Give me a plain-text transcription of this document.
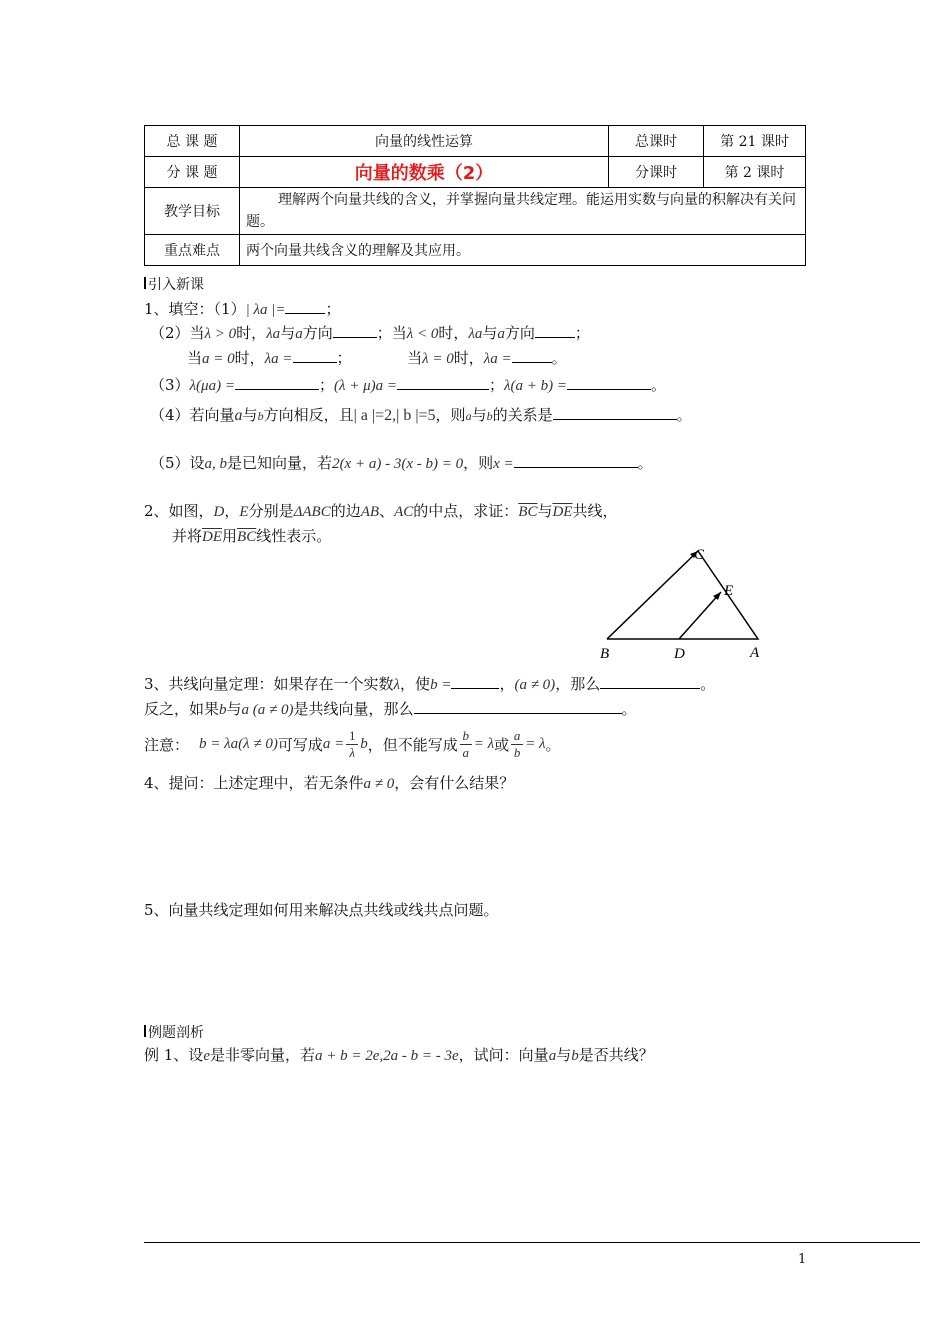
总 课 题	向量的线性运算	总课时	第 21 课时
分 课 题	向量的数乘（2）	分课时	第 2 课时
教学目标	理解两个向量共线的含义，并掌握向量共线定理。能运用实数与向量的积解决有关问题。		
重点难点	两个向量共线含义的理解及其应用。		
引入新课
1、填空：（1）| λa |=	；
（2）当λ > 0时，λa与a方向	；当λ < 0时，λa与a方向	；
当a = 0时，λa =	；	当λ = 0时，λa =	。
（3）λ(μa) =	；(λ + μ)a =	；λ(a + b) =	。
（4）若向量a与b方向相反，且| a |=2,| b |=5，则a与b的关系是	。
（5）设a, b是已知向量，若2(x + a) - 3(x - b) = 0，则x =	。
2、如图，D，E分别是ΔABC的边AB、AC的中点，求证：$\overline{BC}$与$\overline{DE}$共线，
并将$\overline{DE}$用$\overline{BC}$线性表示。
C
E
B	D	A
3、共线向量定理：如果存在一个实数λ，使b =	，(a ≠ 0)，那么	。
反之，如果b与a (a ≠ 0)是共线向量，那么	。
注意： b = λa(λ ≠ 0) 可写成 a =
1
λ
b ，但不能写成
b
a
= λ 或
a
b
= λ 。
4、提问：上述定理中，若无条件a ≠ 0，会有什么结果？
5、向量共线定理如何用来解决点共线或线共点问题。
例题剖析
例 1、设e是非零向量，若a + b = 2e,2a - b = - 3e，试问：向量a与b是否共线？
1
